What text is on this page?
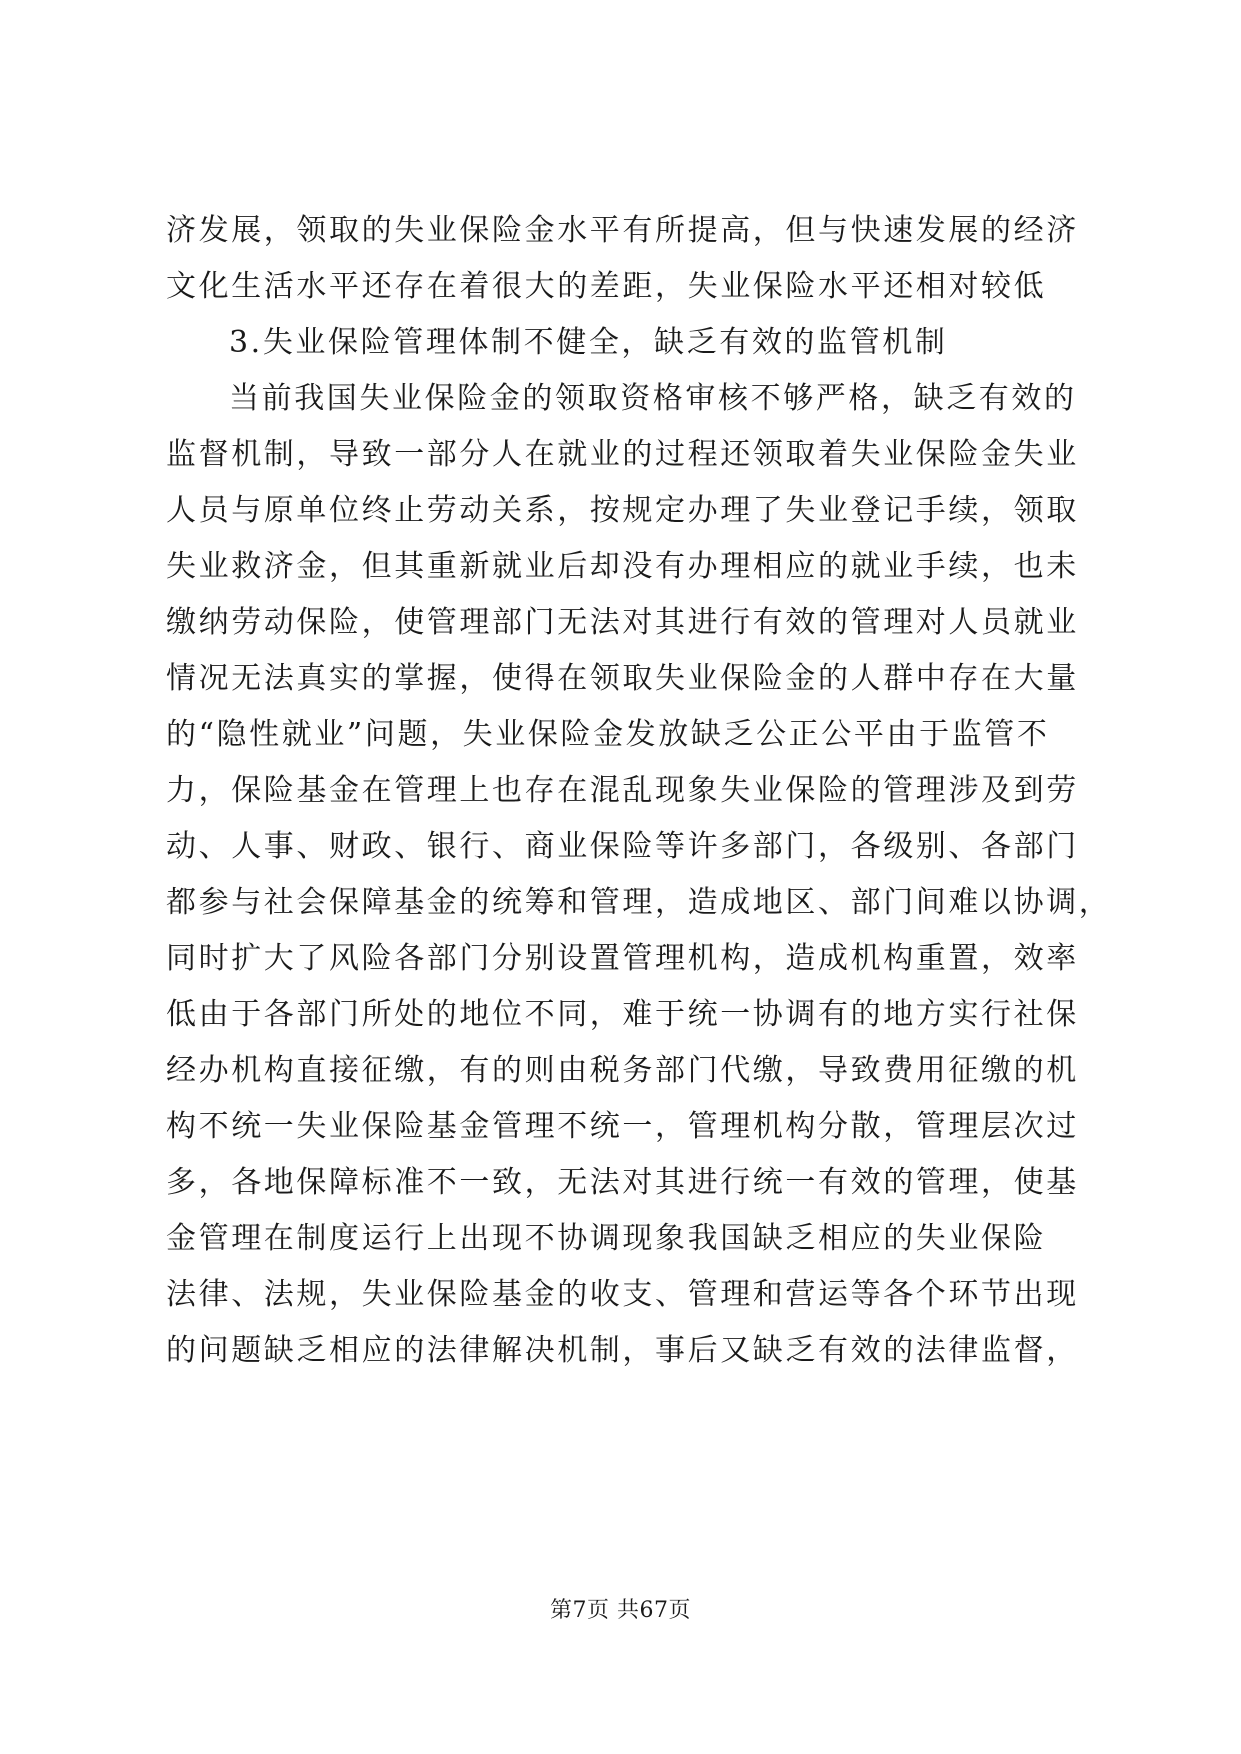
济发展，领取的失业保险金水平有所提高，但与快速发展的经济
文化生活水平还存在着很大的差距，失业保险水平还相对较低
3.失业保险管理体制不健全，缺乏有效的监管机制
当前我国失业保险金的领取资格审核不够严格，缺乏有效的
监督机制，导致一部分人在就业的过程还领取着失业保险金失业
人员与原单位终止劳动关系，按规定办理了失业登记手续，领取
失业救济金，但其重新就业后却没有办理相应的就业手续，也未
缴纳劳动保险，使管理部门无法对其进行有效的管理对人员就业
情况无法真实的掌握，使得在领取失业保险金的人群中存在大量
的“隐性就业”问题，失业保险金发放缺乏公正公平由于监管不
力，保险基金在管理上也存在混乱现象失业保险的管理涉及到劳
动、人事、财政、银行、商业保险等许多部门，各级别、各部门
都参与社会保障基金的统筹和管理，造成地区、部门间难以协调，
同时扩大了风险各部门分别设置管理机构，造成机构重置，效率
低由于各部门所处的地位不同，难于统一协调有的地方实行社保
经办机构直接征缴，有的则由税务部门代缴，导致费用征缴的机
构不统一失业保险基金管理不统一，管理机构分散，管理层次过
多，各地保障标准不一致，无法对其进行统一有效的管理，使基
金管理在制度运行上出现不协调现象我国缺乏相应的失业保险
法律、法规，失业保险基金的收支、管理和营运等各个环节出现
的问题缺乏相应的法律解决机制，事后又缺乏有效的法律监督，
第7页 共67页
